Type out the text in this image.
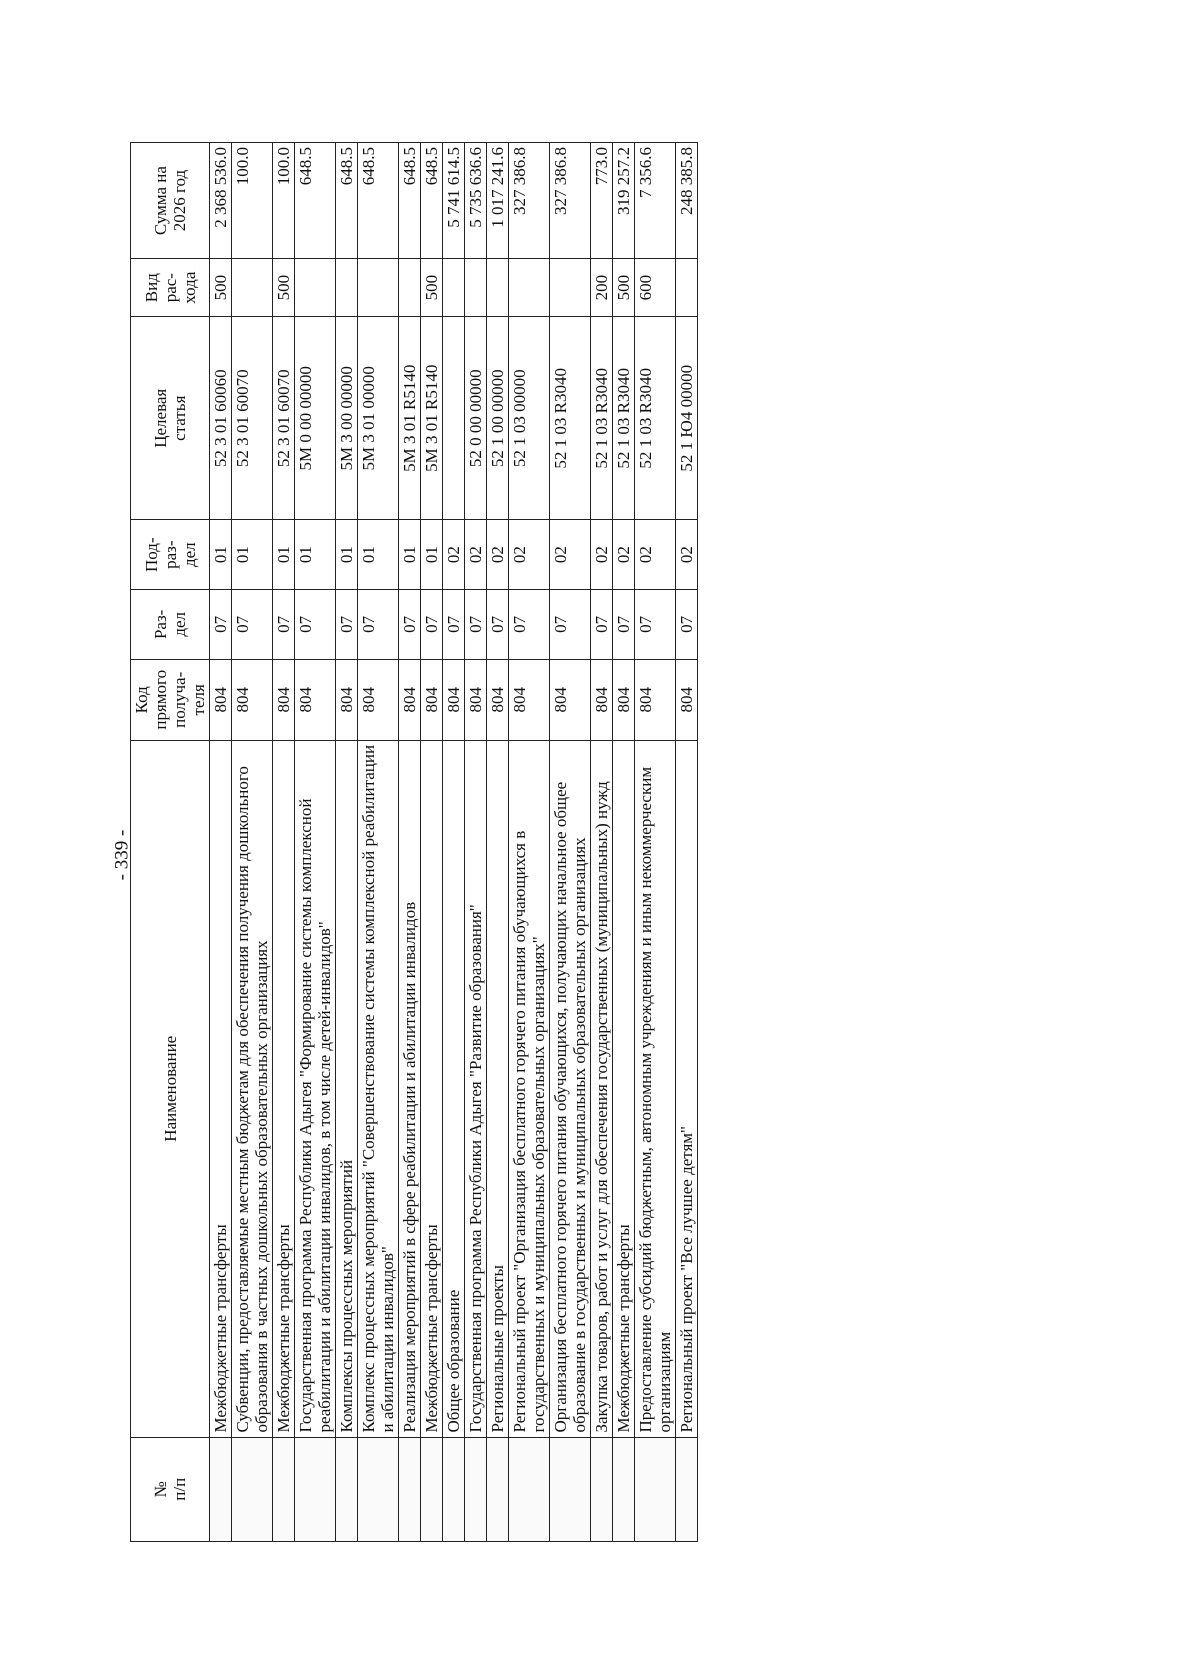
- 339 -
№
п/п	Наименование	Код
прямого
получа-
теля	Раз-
дел	Под-
раз-
дел	Целевая
статья	Вид
рас-
хода	Сумма на
2026 год
	Межбюджетные трансферты	804	07	01	52 3 01 60060	500	2 368 536.0
	Субвенции, предоставляемые местным бюджетам для обеспечения получения дошкольного образования в частных дошкольных образовательных организациях	804	07	01	52 3 01 60070		100.0
	Межбюджетные трансферты	804	07	01	52 3 01 60070	500	100.0
	Государственная программа Республики Адыгея "Формирование системы комплексной реабилитации и абилитации инвалидов, в том числе детей-инвалидов"	804	07	01	5М 0 00 00000		648.5
	Комплексы процессных мероприятий	804	07	01	5М 3 00 00000		648.5
	Комплекс процессных мероприятий "Совершенствование системы комплексной реабилитации и абилитации инвалидов"	804	07	01	5М 3 01 00000		648.5
	Реализация мероприятий в сфере реабилитации и абилитации инвалидов	804	07	01	5М 3 01 R5140		648.5
	Межбюджетные трансферты	804	07	01	5М 3 01 R5140	500	648.5
	Общее образование	804	07	02			5 741 614.5
	Государственная программа Республики Адыгея "Развитие образования"	804	07	02	52 0 00 00000		5 735 636.6
	Региональные проекты	804	07	02	52 1 00 00000		1 017 241.6
	Региональный проект "Организация бесплатного горячего питания обучающихся в государственных и муниципальных образовательных организациях"	804	07	02	52 1 03 00000		327 386.8
	Организация бесплатного горячего питания обучающихся, получающих начальное общее образование в государственных и муниципальных образовательных организациях	804	07	02	52 1 03 R3040		327 386.8
	Закупка товаров, работ и услуг для обеспечения государственных (муниципальных) нужд	804	07	02	52 1 03 R3040	200	773.0
	Межбюджетные трансферты	804	07	02	52 1 03 R3040	500	319 257.2
	Предоставление субсидий бюджетным, автономным учреждениям и иным некоммерческим организациям	804	07	02	52 1 03 R3040	600	7 356.6
	Региональный проект "Все лучшее детям"	804	07	02	52 1 Ю4 00000		248 385.8
